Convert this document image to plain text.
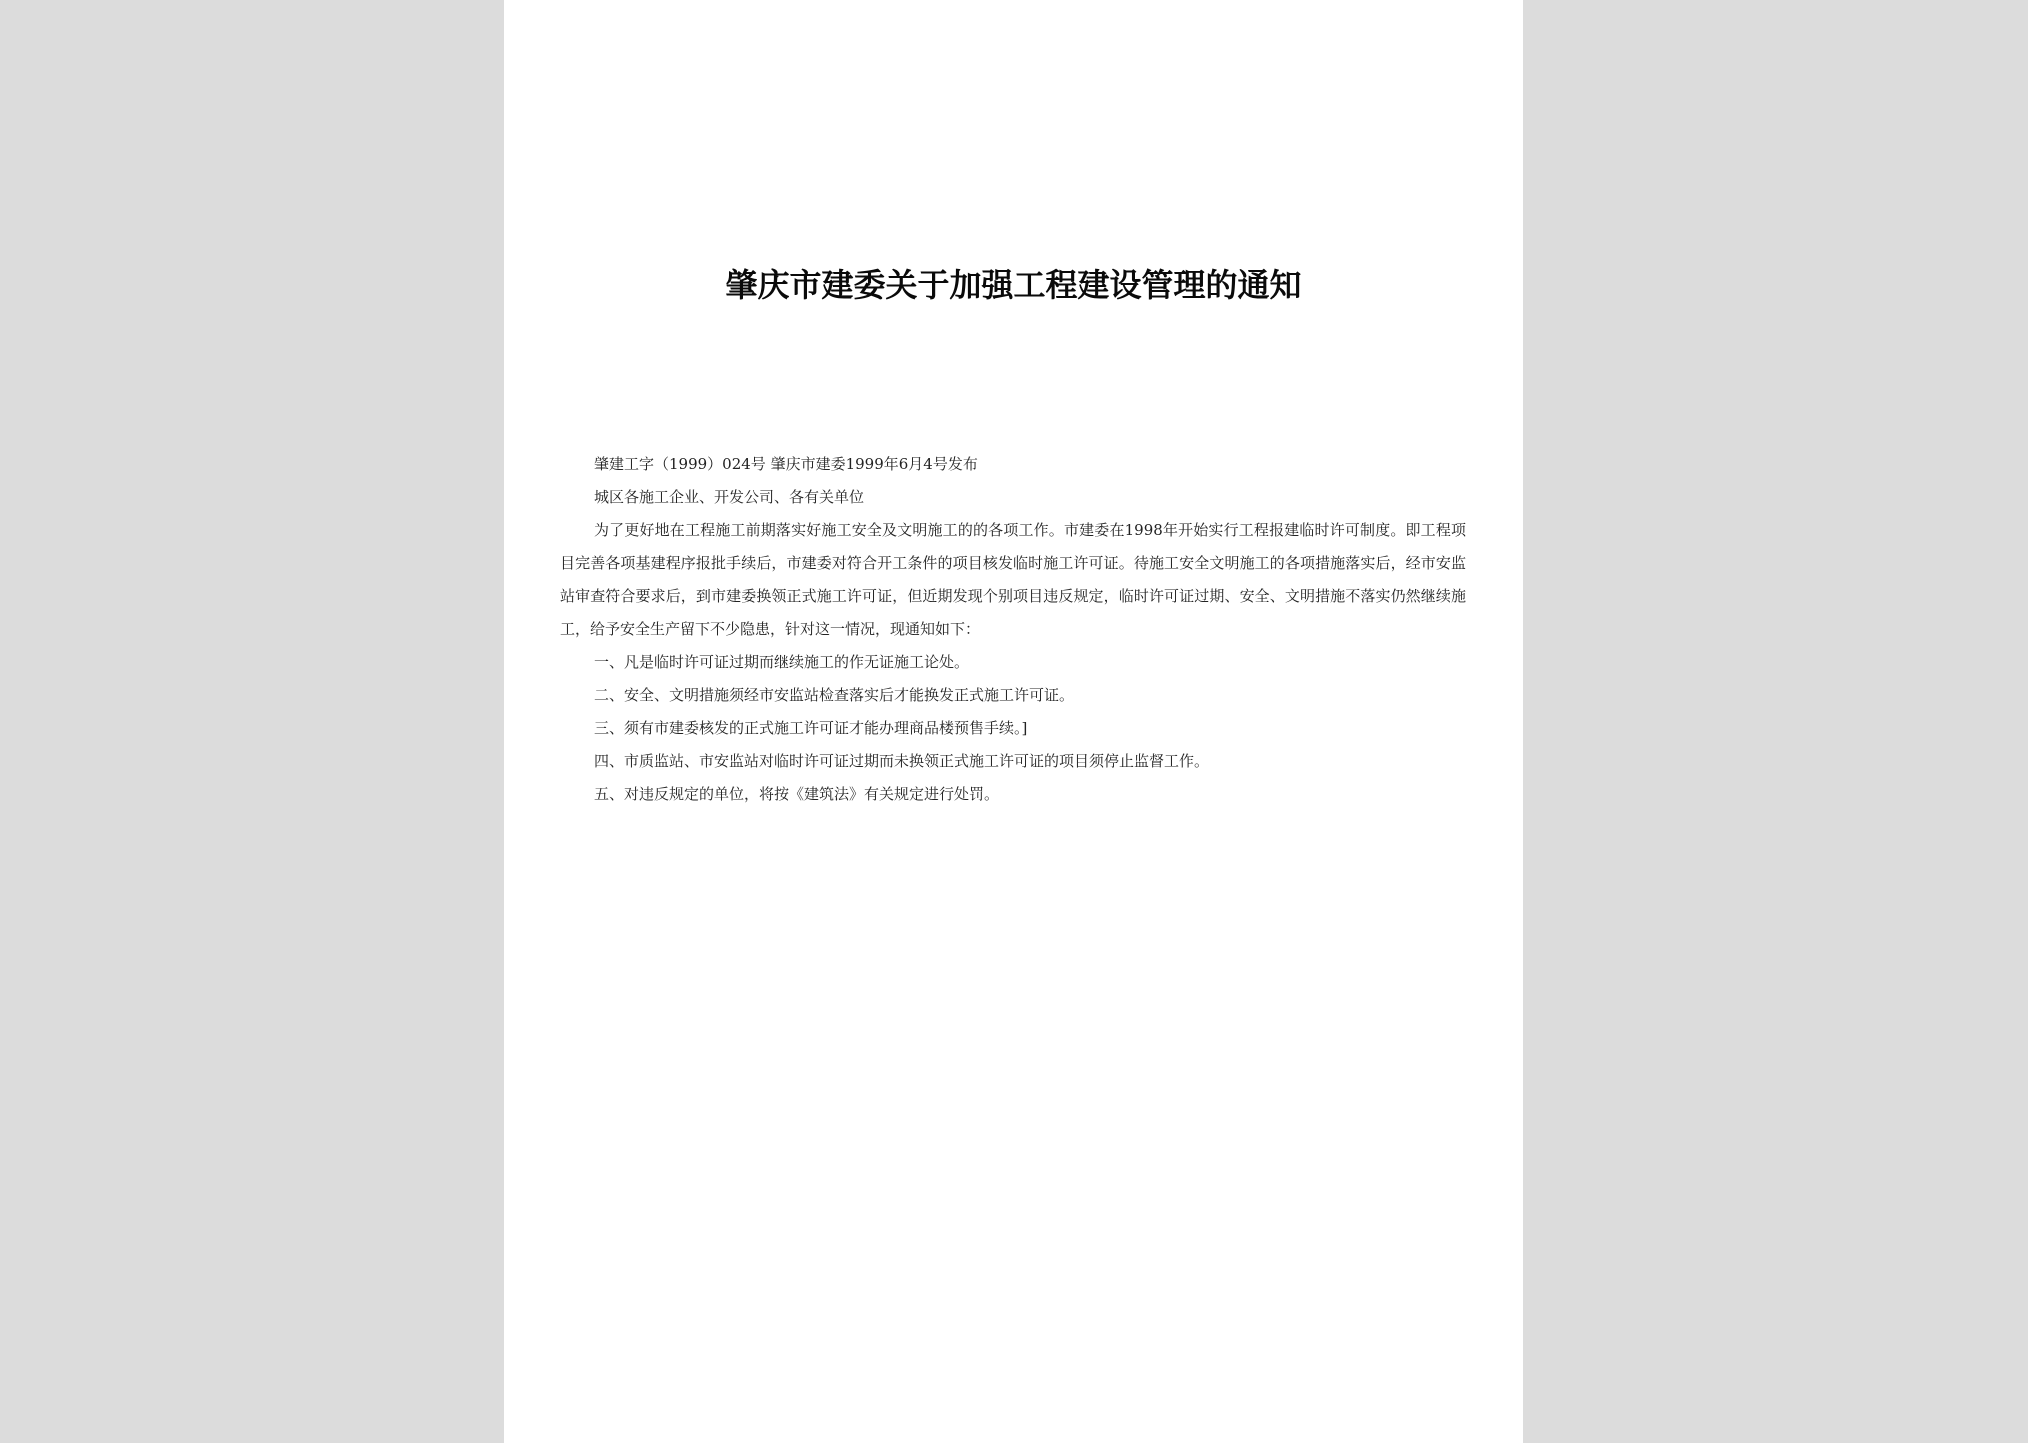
肇庆市建委关于加强工程建设管理的通知
肇建工字（1999）024号 肇庆市建委1999年6月4号发布
城区各施工企业、开发公司、各有关单位
为了更好地在工程施工前期落实好施工安全及文明施工的的各项工作。市建委在1998年开始实行工程报建临时许可制度。即工程项目完善各项基建程序报批手续后，市建委对符合开工条件的项目核发临时施工许可证。待施工安全文明施工的各项措施落实后，经市安监站审查符合要求后，到市建委换领正式施工许可证，但近期发现个别项目违反规定，临时许可证过期、安全、文明措施不落实仍然继续施工，给予安全生产留下不少隐患，针对这一情况，现通知如下：
一、凡是临时许可证过期而继续施工的作无证施工论处。
二、安全、文明措施须经市安监站检查落实后才能换发正式施工许可证。
三、须有市建委核发的正式施工许可证才能办理商品楼预售手续。]
四、市质监站、市安监站对临时许可证过期而未换领正式施工许可证的项目须停止监督工作。
五、对违反规定的单位，将按《建筑法》有关规定进行处罚。
